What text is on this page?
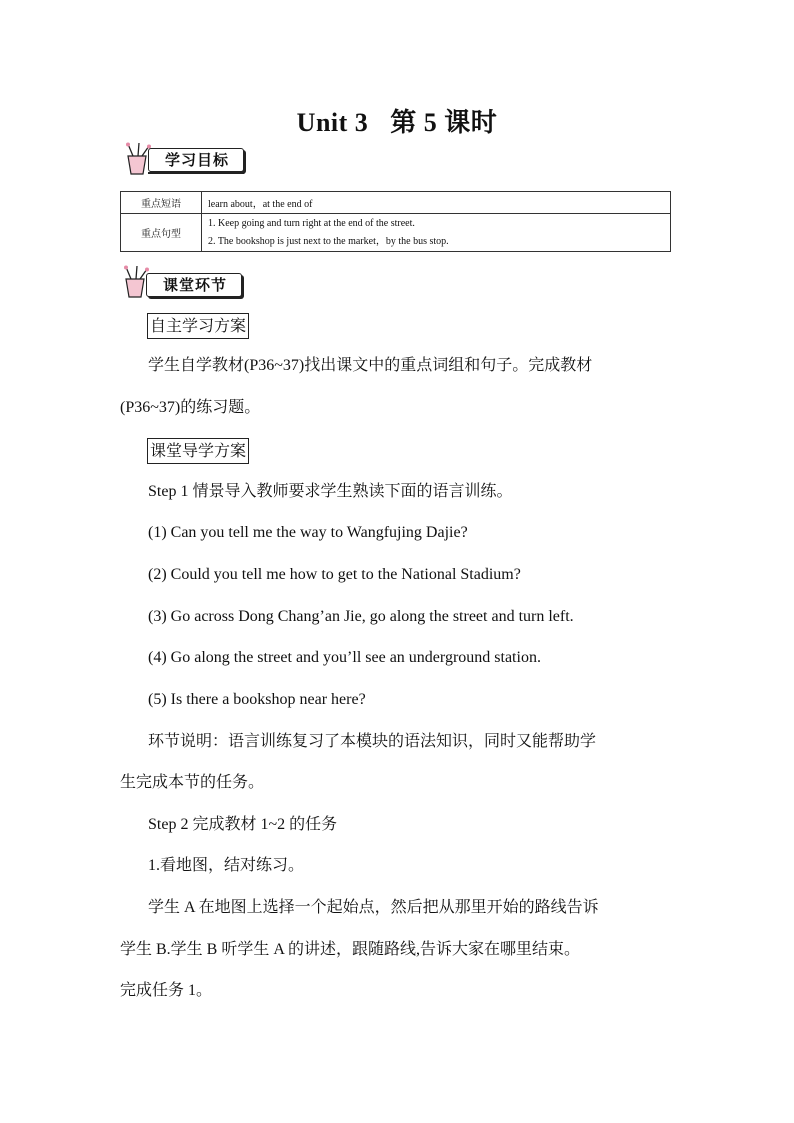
Unit 3 第 5 课时
学习目标
重点短语	learn about，at the end of
重点句型	1. Keep going and turn right at the end of the street.
2. The bookshop is just next to the market，by the bus stop.
课堂环节
自主学习方案
学生自学教材(P36~37)找出课文中的重点词组和句子。完成教材
(P36~37)的练习题。
课堂导学方案
Step 1 情景导入教师要求学生熟读下面的语言训练。
(1) Can you tell me the way to Wangfujing Dajie?
(2) Could you tell me how to get to the National Stadium?
(3) Go across Dong Chang’an Jie, go along the street and turn left.
(4) Go along the street and you’ll see an underground station.
(5) Is there a bookshop near here?
环节说明：语言训练复习了本模块的语法知识，同时又能帮助学
生完成本节的任务。
Step 2 完成教材 1~2 的任务
1.看地图，结对练习。
学生 A 在地图上选择一个起始点，然后把从那里开始的路线告诉
学生 B.学生 B 听学生 A 的讲述，跟随路线,告诉大家在哪里结束。
完成任务 1。
